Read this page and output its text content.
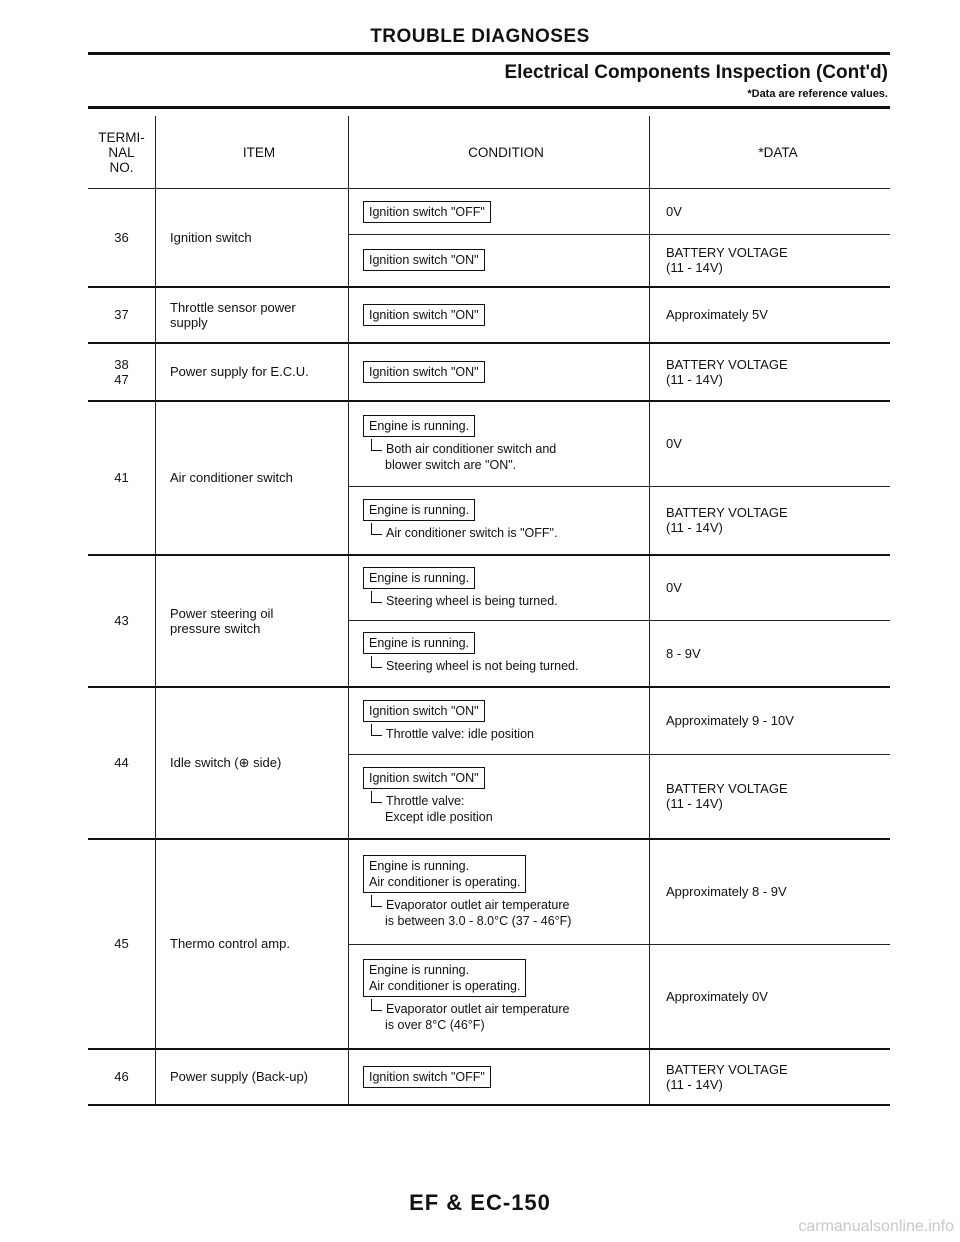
TROUBLE DIAGNOSES
Electrical Components Inspection (Cont'd)
*Data are reference values.
TERMI-
NAL
NO.	ITEM	CONDITION	*DATA
36	Ignition switch	Ignition switch "OFF"	0V
		Ignition switch "ON"	BATTERY VOLTAGE
(11 - 14V)

37	Throttle sensor power
supply	Ignition switch "ON"	Approximately 5V

38
47	Power supply for E.C.U.	Ignition switch "ON"	BATTERY VOLTAGE
(11 - 14V)

41	Air conditioner switch	Engine is running.
Both air conditioner switch and
blower switch are "ON".	0V
		Engine is running.
Air conditioner switch is "OFF".	BATTERY VOLTAGE
(11 - 14V)

43	Power steering oil
pressure switch	Engine is running.
Steering wheel is being turned.	0V
		Engine is running.
Steering wheel is not being turned.	8 - 9V
44	Idle switch (⊕ side)	Ignition switch "ON"
Throttle valve: idle position	Approximately 9 - 10V
		Ignition switch "ON"
Throttle valve:
Except idle position	BATTERY VOLTAGE
(11 - 14V)

45	Thermo control amp.	Engine is running.
Air conditioner is operating.
Evaporator outlet air temperature
is between 3.0 - 8.0°C (37 - 46°F)	Approximately 8 - 9V

		Engine is running.
Air conditioner is operating.
Evaporator outlet air temperature
is over 8°C (46°F)	Approximately 0V
46	Power supply (Back-up)	Ignition switch "OFF"	BATTERY VOLTAGE
(11 - 14V)
EF & EC-150
carmanualsonline.info
